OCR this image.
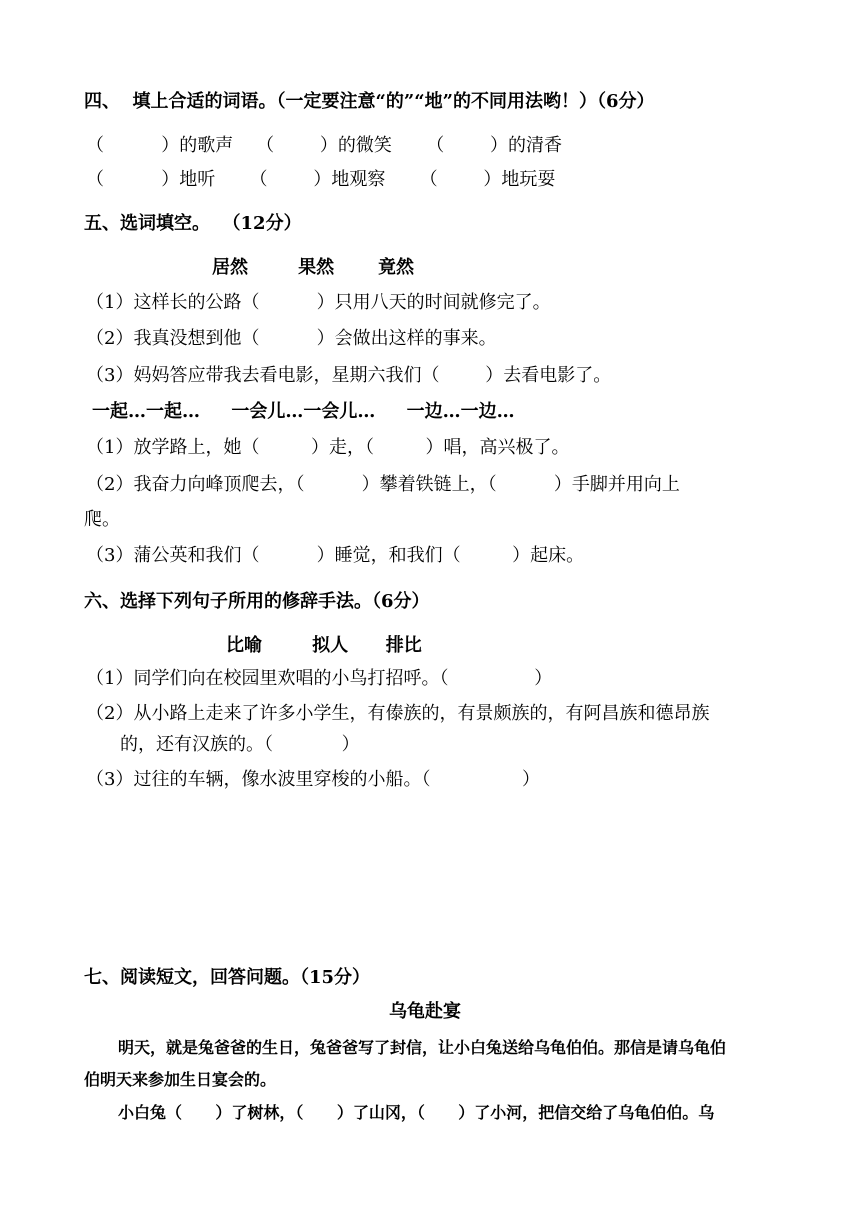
四、  填上合适的词语。（一定要注意“的”“地”的不同用法哟！）（6分）
（          ）的歌声    （        ）的微笑      （        ）的清香
（          ）地听      （        ）地观察      （        ）地玩耍
五、选词填空。  （12分）
居然        果然       竟然
（1）这样长的公路（          ）只用八天的时间就修完了。
（2）我真没想到他（          ）会做出这样的事来。
（3）妈妈答应带我去看电影，星期六我们（        ）去看电影了。
一起…一起…     一会儿…一会儿…     一边…一边…
（1）放学路上，她（         ）走，（         ）唱，高兴极了。
（2）我奋力向峰顶爬去，（          ）攀着铁链上，（          ）手脚并用向上
爬。
（3）蒲公英和我们（          ）睡觉，和我们（         ）起床。
六、选择下列句子所用的修辞手法。（6分）
比喻        拟人      排比
（1）同学们向在校园里欢唱的小鸟打招呼。（               ）
（2）从小路上走来了许多小学生，有傣族的，有景颇族的，有阿昌族和德昂族
的，还有汉族的。（            ）
（3）过往的车辆，像水波里穿梭的小船。（                ）
七、阅读短文，回答问题。（15分）
乌龟赴宴
明天，就是兔爸爸的生日，兔爸爸写了封信，让小白兔送给乌龟伯伯。那信是请乌龟伯
伯明天来参加生日宴会的。
小白兔（      ）了树林，（      ）了山冈，（      ）了小河，把信交给了乌龟伯伯。乌
